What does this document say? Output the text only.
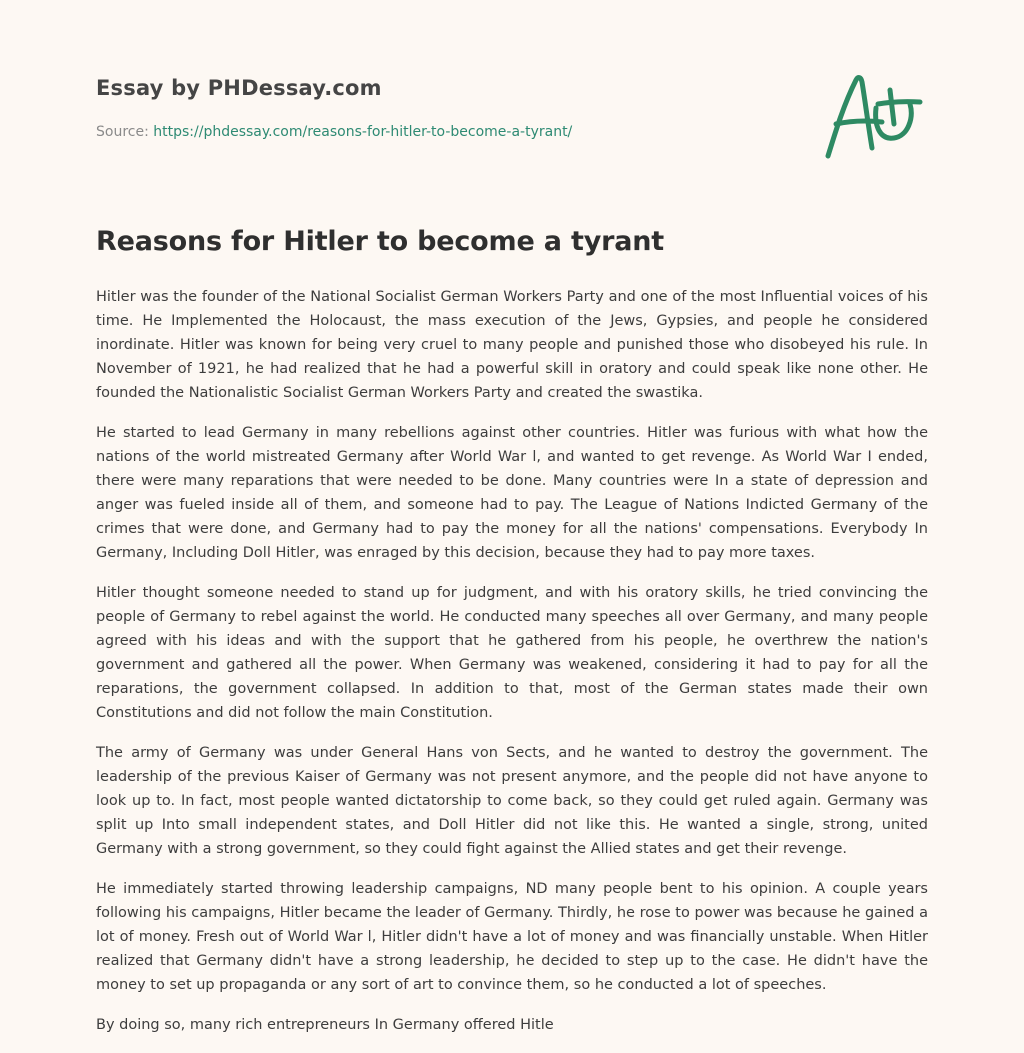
Essay by PHDessay.com
Source: https://phdessay.com/reasons-for-hitler-to-become-a-tyrant/
Reasons for Hitler to become a tyrant

Hitler was the founder of the National Socialist German Workers Party and one of the most Influential voices of his time. He Implemented the Holocaust, the mass execution of the Jews, Gypsies, and people he considered inordinate. Hitler was known for being very cruel to many people and punished those who disobeyed his rule. In November of 1921, he had realized that he had a powerful skill in oratory and could speak like none other. He founded the Nationalistic Socialist German Workers Party and created the swastika.

He started to lead Germany in many rebellions against other countries. Hitler was furious with what how the nations of the world mistreated Germany after World War l, and wanted to get revenge. As World War I ended, there were many reparations that were needed to be done. Many countries were In a state of depression and anger was fueled inside all of them, and someone had to pay. The League of Nations Indicted Germany of the crimes that were done, and Germany had to pay the money for all the nations' compensations. Everybody In Germany, Including Doll Hitler, was enraged by this decision, because they had to pay more taxes.

Hitler thought someone needed to stand up for judgment, and with his oratory skills, he tried convincing the people of Germany to rebel against the world. He conducted many speeches all over Germany, and many people agreed with his ideas and with the support that he gathered from his people, he overthrew the nation's government and gathered all the power. When Germany was weakened, considering it had to pay for all the reparations, the government collapsed. In addition to that, most of the German states made their own Constitutions and did not follow the main Constitution.

The army of Germany was under General Hans von Sects, and he wanted to destroy the government. The leadership of the previous Kaiser of Germany was not present anymore, and the people did not have anyone to look up to. In fact, most people wanted dictatorship to come back, so they could get ruled again. Germany was split up Into small independent states, and Doll Hitler did not like this. He wanted a single, strong, united Germany with a strong government, so they could fight against the Allied states and get their revenge.

He immediately started throwing leadership campaigns, ND many people bent to his opinion. A couple years following his campaigns, Hitler became the leader of Germany. Thirdly, he rose to power was because he gained a lot of money. Fresh out of World War l, Hitler didn't have a lot of money and was financially unstable. When Hitler realized that Germany didn't have a strong leadership, he decided to step up to the case. He didn't have the money to set up propaganda or any sort of art to convince them, so he conducted a lot of speeches.

By doing so, many rich entrepreneurs In Germany offered Hitle
